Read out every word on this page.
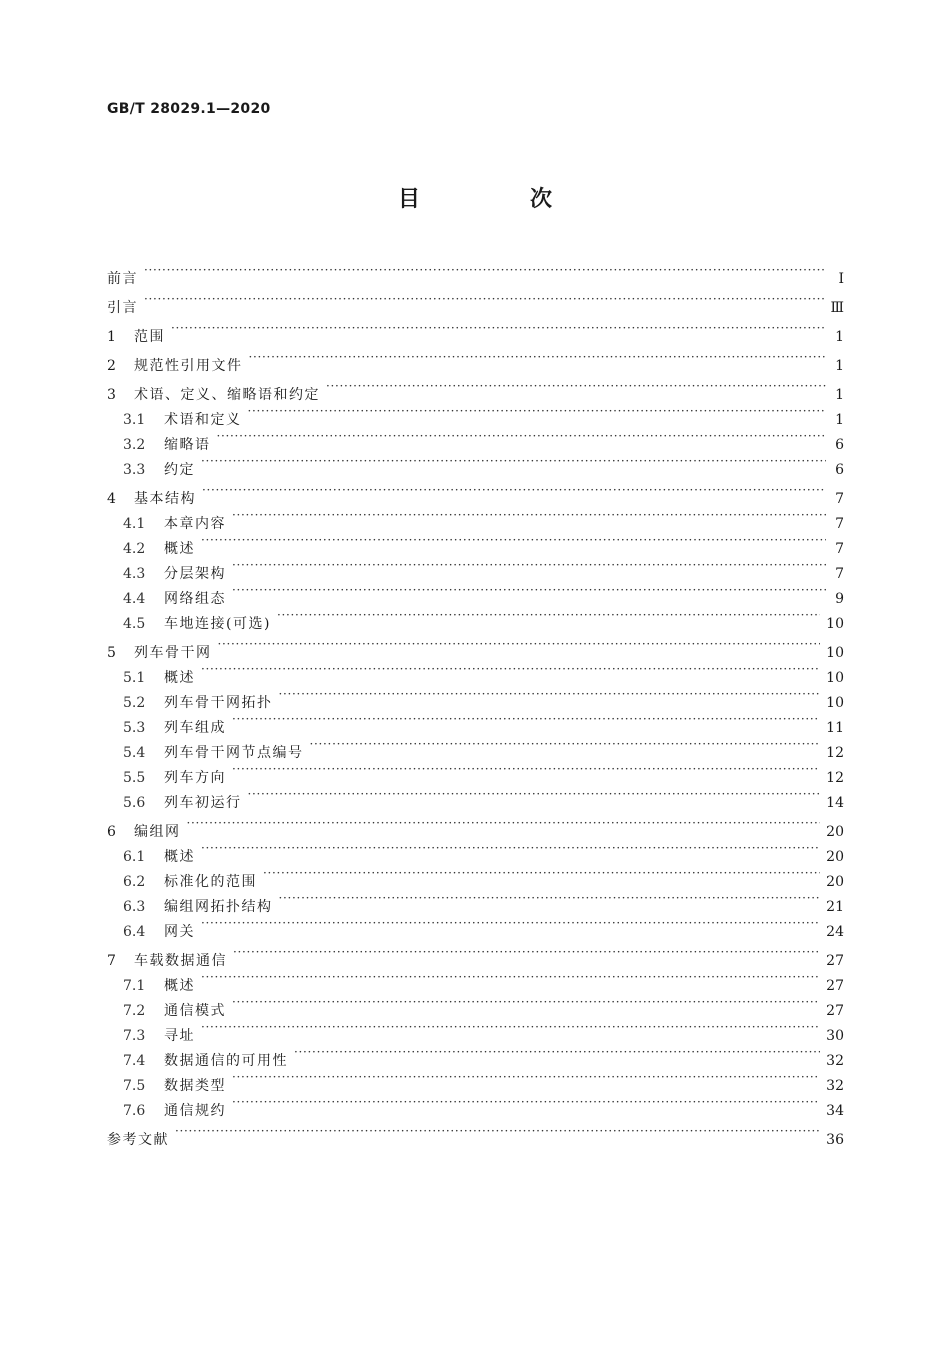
GB/T 28029.1—2020
目　次
前言 ·····	Ⅰ
引言 ·····	Ⅲ
1	范围 ·····	1
2	规范性引用文件 ·····	1
3	术语、定义、缩略语和约定 ·····	1
3.1	术语和定义 ·····	1
3.2	缩略语 ·····	6
3.3	约定 ·····	6
4	基本结构 ·····	7
4.1	本章内容 ·····	7
4.2	概述 ·····	7
4.3	分层架构 ·····	7
4.4	网络组态 ·····	9
4.5	车地连接(可选) ·····	10
5	列车骨干网 ·····	10
5.1	概述 ·····	10
5.2	列车骨干网拓扑 ·····	10
5.3	列车组成 ·····	11
5.4	列车骨干网节点编号 ·····	12
5.5	列车方向 ·····	12
5.6	列车初运行 ·····	14
6	编组网 ·····	20
6.1	概述 ·····	20
6.2	标准化的范围 ·····	20
6.3	编组网拓扑结构 ·····	21
6.4	网关 ·····	24
7	车载数据通信 ·····	27
7.1	概述 ·····	27
7.2	通信模式 ·····	27
7.3	寻址 ·····	30
7.4	数据通信的可用性 ·····	32
7.5	数据类型 ·····	32
7.6	通信规约 ·····	34
参考文献 ·····	36
